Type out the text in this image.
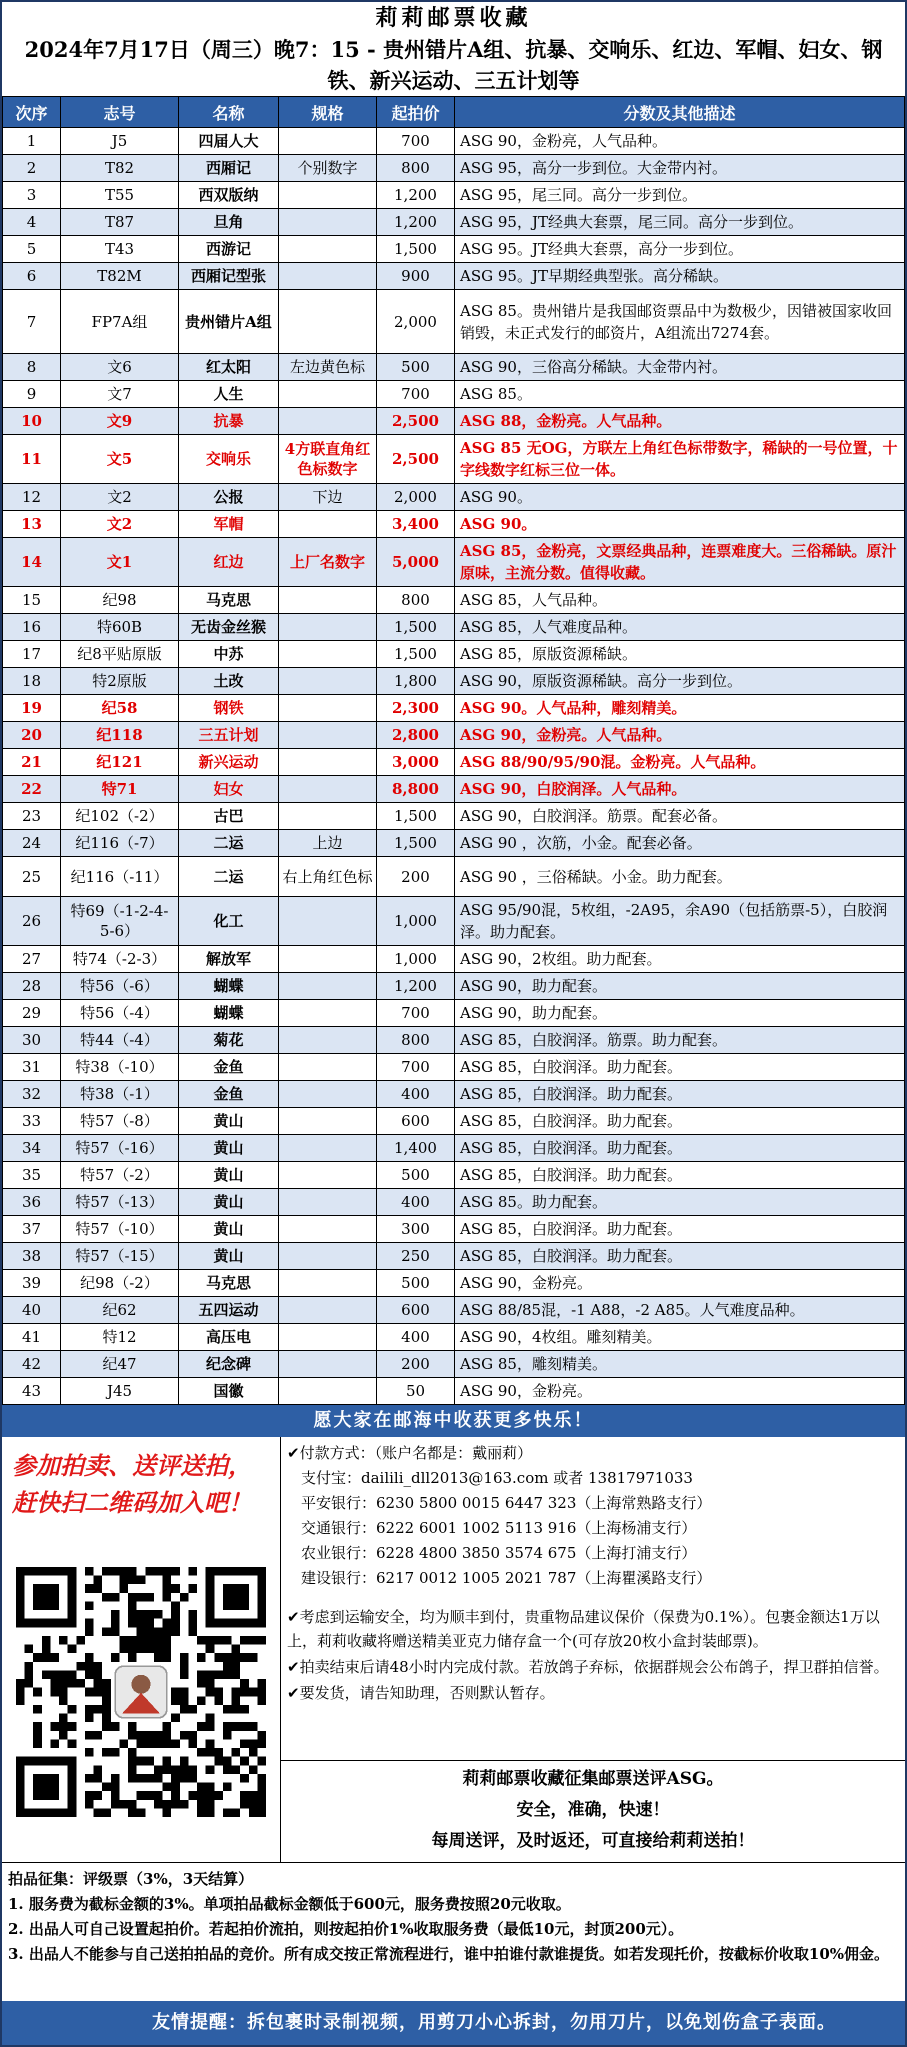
莉莉邮票收藏
2024年7月17日（周三）晚7：15 - 贵州错片A组、抗暴、交响乐、红边、军帽、妇女、钢铁、新兴运动、三五计划等
次序	志号	名称	规格	起拍价	分数及其他描述
1	J5	四届人大		700	ASG 90，金粉亮，人气品种。
2	T82	西厢记	个别数字	800	ASG 95，高分一步到位。大金带内衬。
3	T55	西双版纳		1,200	ASG 95，尾三同。高分一步到位。
4	T87	旦角		1,200	ASG 95，JT经典大套票，尾三同。高分一步到位。
5	T43	西游记		1,500	ASG 95。JT经典大套票，高分一步到位。
6	T82M	西厢记型张		900	ASG 95。JT早期经典型张。高分稀缺。
7	FP7A组	贵州错片A组		2,000	ASG 85。贵州错片是我国邮资票品中为数极少，因错被国家收回销毁，未正式发行的邮资片，A组流出7274套。
8	文6	红太阳	左边黄色标	500	ASG 90，三俗高分稀缺。大金带内衬。
9	文7	人生		700	ASG 85。
10	文9	抗暴		2,500	ASG 88，金粉亮。人气品种。
11	文5	交响乐	4方联直角红色标数字	2,500	ASG 85 无OG，方联左上角红色标带数字，稀缺的一号位置，十字线数字红标三位一体。
12	文2	公报	下边	2,000	ASG 90。
13	文2	军帽		3,400	ASG 90。
14	文1	红边	上厂名数字	5,000	ASG 85，金粉亮，文票经典品种，连票难度大。三俗稀缺。原汁原味，主流分数。值得收藏。
15	纪98	马克思		800	ASG 85，人气品种。
16	特60B	无齿金丝猴		1,500	ASG 85，人气难度品种。
17	纪8平贴原版	中苏		1,500	ASG 85，原版资源稀缺。
18	特2原版	土改		1,800	ASG 90，原版资源稀缺。高分一步到位。
19	纪58	钢铁		2,300	ASG 90。人气品种，雕刻精美。
20	纪118	三五计划		2,800	ASG 90，金粉亮。人气品种。
21	纪121	新兴运动		3,000	ASG 88/90/95/90混。金粉亮。人气品种。
22	特71	妇女		8,800	ASG 90，白胶润泽。人气品种。
23	纪102（-2）	古巴		1,500	ASG 90，白胶润泽。筋票。配套必备。
24	纪116（-7）	二运	上边	1,500	ASG 90 ，次筋，小金。配套必备。
25	纪116（-11）	二运	右上角红色标	200	ASG 90 ，三俗稀缺。小金。助力配套。
26	特69（-1-2-4-5-6）	化工		1,000	ASG 95/90混，5枚组，-2A95，余A90（包括筋票-5），白胶润泽。助力配套。
27	特74（-2-3）	解放军		1,000	ASG 90，2枚组。助力配套。
28	特56（-6）	蝴蝶		1,200	ASG 90，助力配套。
29	特56（-4）	蝴蝶		700	ASG 90，助力配套。
30	特44（-4）	菊花		800	ASG 85，白胶润泽。筋票。助力配套。
31	特38（-10）	金鱼		700	ASG 85，白胶润泽。助力配套。
32	特38（-1）	金鱼		400	ASG 85，白胶润泽。助力配套。
33	特57（-8）	黄山		600	ASG 85，白胶润泽。助力配套。
34	特57（-16）	黄山		1,400	ASG 85，白胶润泽。助力配套。
35	特57（-2）	黄山		500	ASG 85，白胶润泽。助力配套。
36	特57（-13）	黄山		400	ASG 85。助力配套。
37	特57（-10）	黄山		300	ASG 85，白胶润泽。助力配套。
38	特57（-15）	黄山		250	ASG 85，白胶润泽。助力配套。
39	纪98（-2）	马克思		500	ASG 90，金粉亮。
40	纪62	五四运动		600	ASG 88/85混，-1 A88，-2 A85。人气难度品种。
41	特12	高压电		400	ASG 90，4枚组。雕刻精美。
42	纪47	纪念碑		200	ASG 85，雕刻精美。
43	J45	国徽		50	ASG 90，金粉亮。
愿大家在邮海中收获更多快乐！
参加拍卖、送评送拍，
赶快扫二维码加入吧！
✔付款方式：（账户名都是：戴丽莉）
支付宝：dailili_dll2013@163.com 或者 13817971033
平安银行：6230 5800 0015 6447 323（上海常熟路支行）
交通银行：6222 6001 1002 5113 916（上海杨浦支行）
农业银行：6228 4800 3850 3574 675（上海打浦支行）
建设银行：6217 0012 1005 2021 787（上海瞿溪路支行）
✔考虑到运输安全，均为顺丰到付，贵重物品建议保价（保费为0.1%）。包裹金额达1万以上，莉莉收藏将赠送精美亚克力储存盒一个(可存放20枚小盒封装邮票)。
✔拍卖结束后请48小时内完成付款。若放鸽子弃标，依据群规会公布鸽子，捍卫群拍信誉。
✔要发货，请告知助理，否则默认暂存。
莉莉邮票收藏征集邮票送评ASG。
安全，准确，快速！
每周送评，及时返还，可直接给莉莉送拍！
拍品征集：评级票（3%，3天结算）
1. 服务费为截标金额的3%。单项拍品截标金额低于600元，服务费按照20元收取。
2. 出品人可自己设置起拍价。若起拍价流拍，则按起拍价1%收取服务费（最低10元，封顶200元）。
3. 出品人不能参与自己送拍拍品的竞价。所有成交按正常流程进行，谁中拍谁付款谁提货。如若发现托价，按截标价收取10%佣金。
友情提醒：拆包裹时录制视频，用剪刀小心拆封，勿用刀片，以免划伤盒子表面。
